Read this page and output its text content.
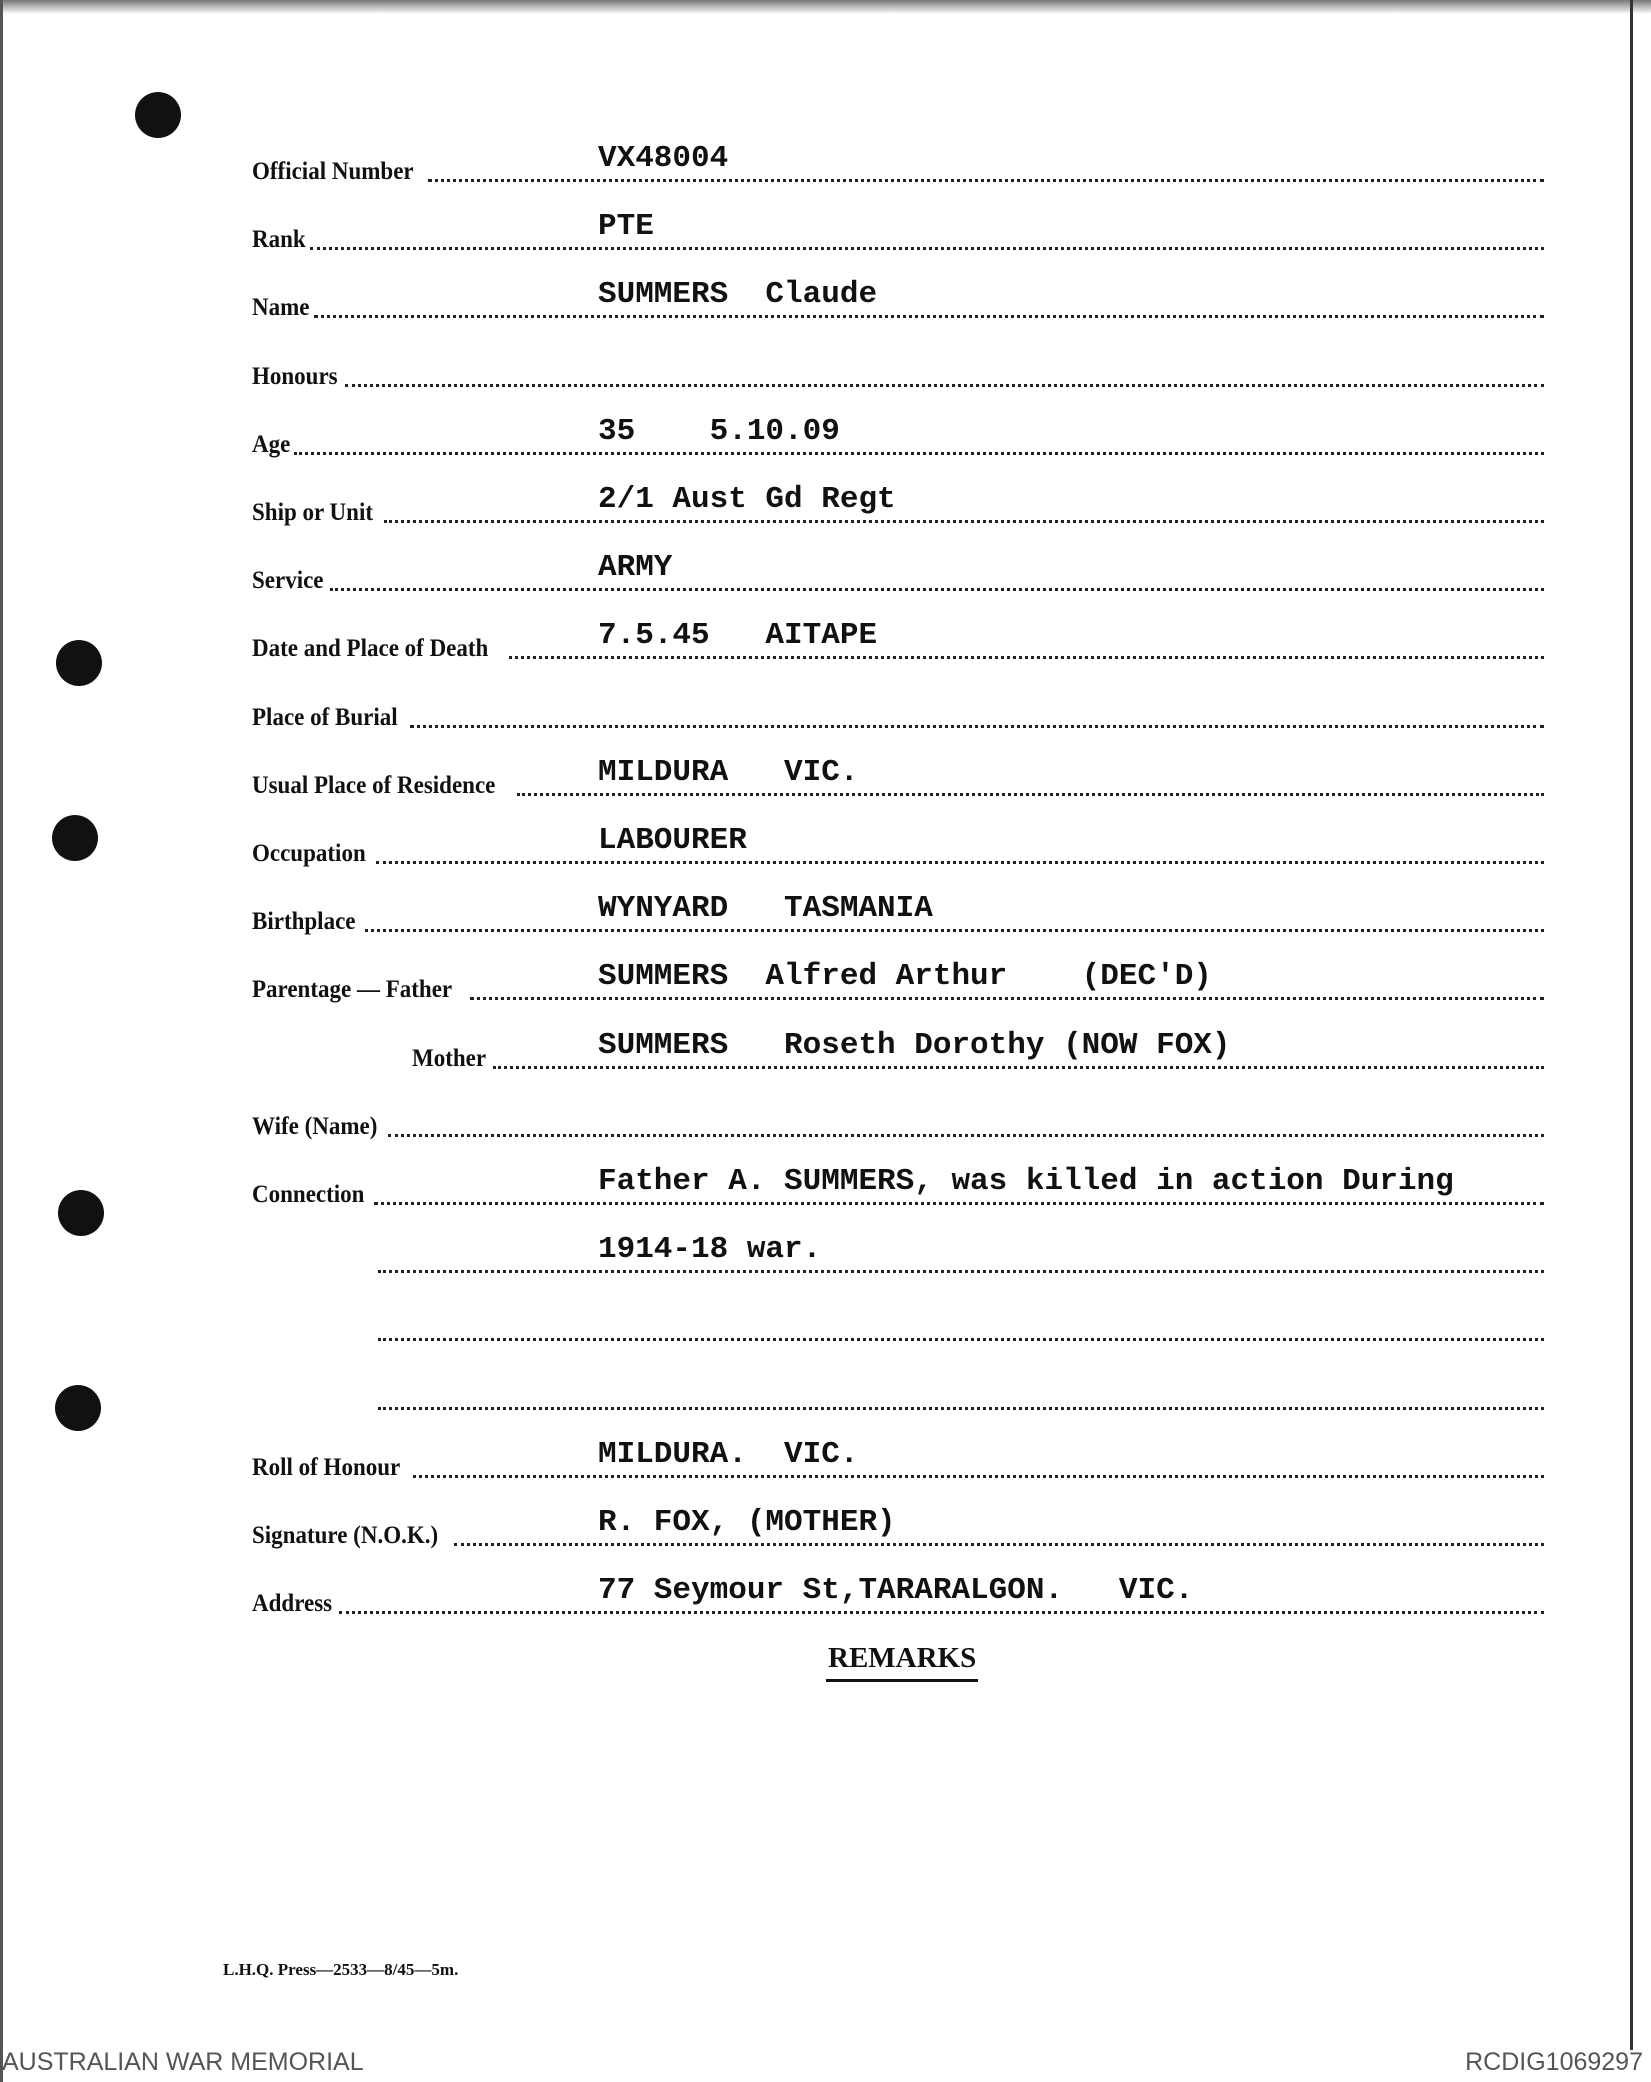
Official Number	VX48004
Rank	PTE
Name	SUMMERS  Claude
Honours
Age	35    5.10.09
Ship or Unit	2/1 Aust Gd Regt
Service	ARMY
Date and Place of Death	7.5.45   AITAPE
Place of Burial
Usual Place of Residence	MILDURA   VIC.
Occupation	LABOURER
Birthplace	WYNYARD   TASMANIA
Parentage — Father	SUMMERS  Alfred Arthur    (DEC'D)
Mother	SUMMERS   Roseth Dorothy (NOW FOX)
Wife (Name)
Connection	Father A. SUMMERS, was killed in action During
1914-18 war.
Roll of Honour	MILDURA.  VIC.
Signature (N.O.K.)	R. FOX, (MOTHER)
Address	77 Seymour St,TARARALGON.   VIC.
REMARKS
L.H.Q. Press—2533—8/45—5m.
AUSTRALIAN WAR MEMORIAL	RCDIG1069297
